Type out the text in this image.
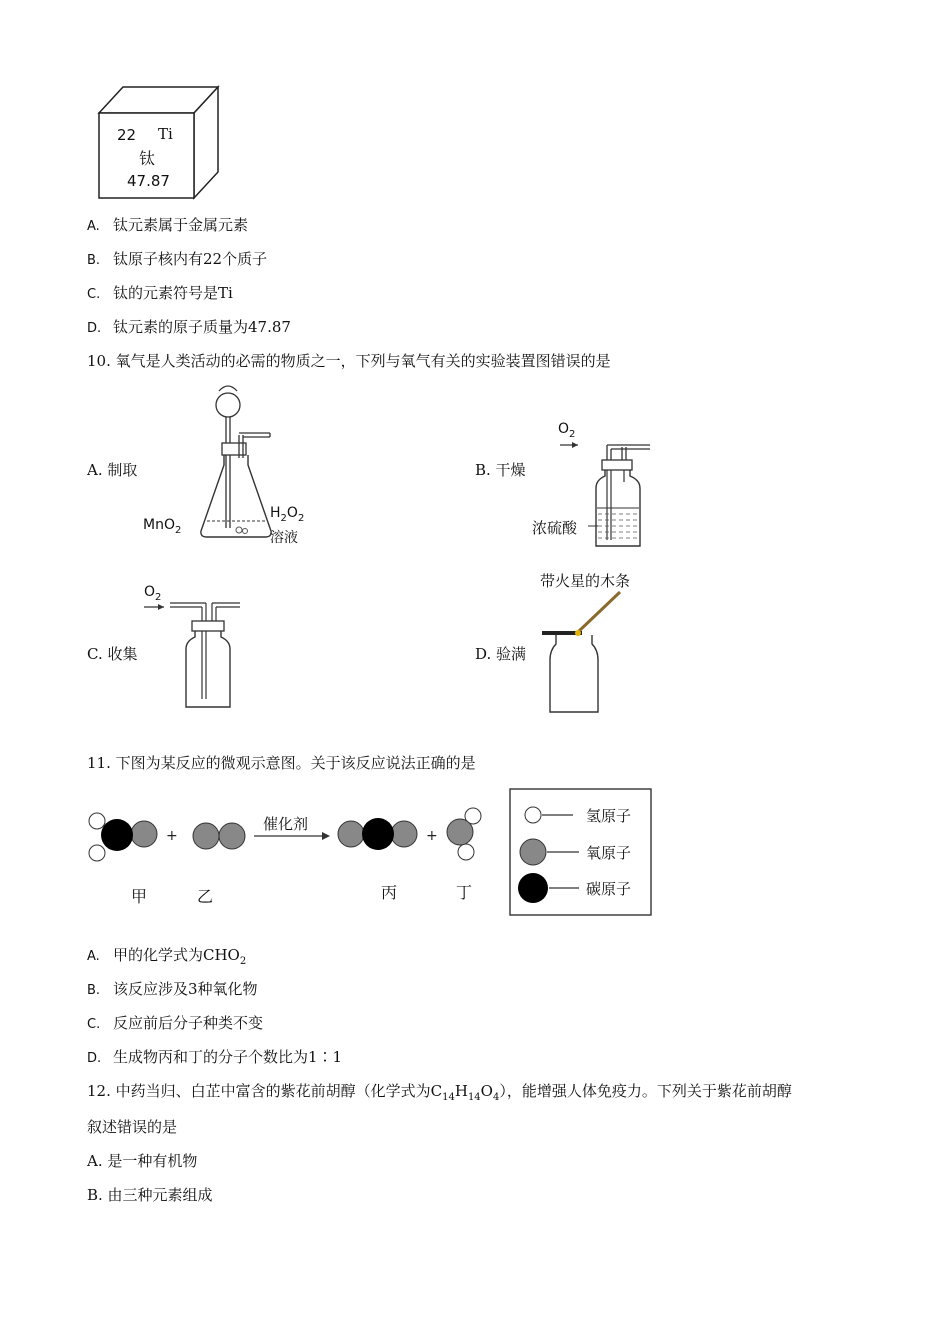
22 Ti
钛
47.87
A. 钛元素属于金属元素
B. 钛原子核内有22个质子
C. 钛的元素符号是Ti
D. 钛元素的原子质量为47.87
10. 氧气是人类活动的必需的物质之一，下列与氧气有关的实验装置图错误的是
A. 制取
MnO$_2$
$H_2O_2$
溶液
$O_2$
B. 干燥
浓硫酸
$O_2$
C. 收集
带火星的木条
D. 验满
11. 下图为某反应的微观示意图。关于该反应说法正确的是
+	+
催化剂
甲	乙	丙	丁
氢原子
氧原子
碳原子
A. 甲的化学式为$CHO_2$
B. 该反应涉及3种氧化物
C. 反应前后分子种类不变
D. 生成物丙和丁的分子个数比为1∶1
12. 中药当归、白芷中富含的紫花前胡醇（化学式为$C_{14}H_{14}O_4$），能增强人体免疫力。下列关于紫花前胡醇
叙述错误的是
A. 是一种有机物
B. 由三种元素组成
